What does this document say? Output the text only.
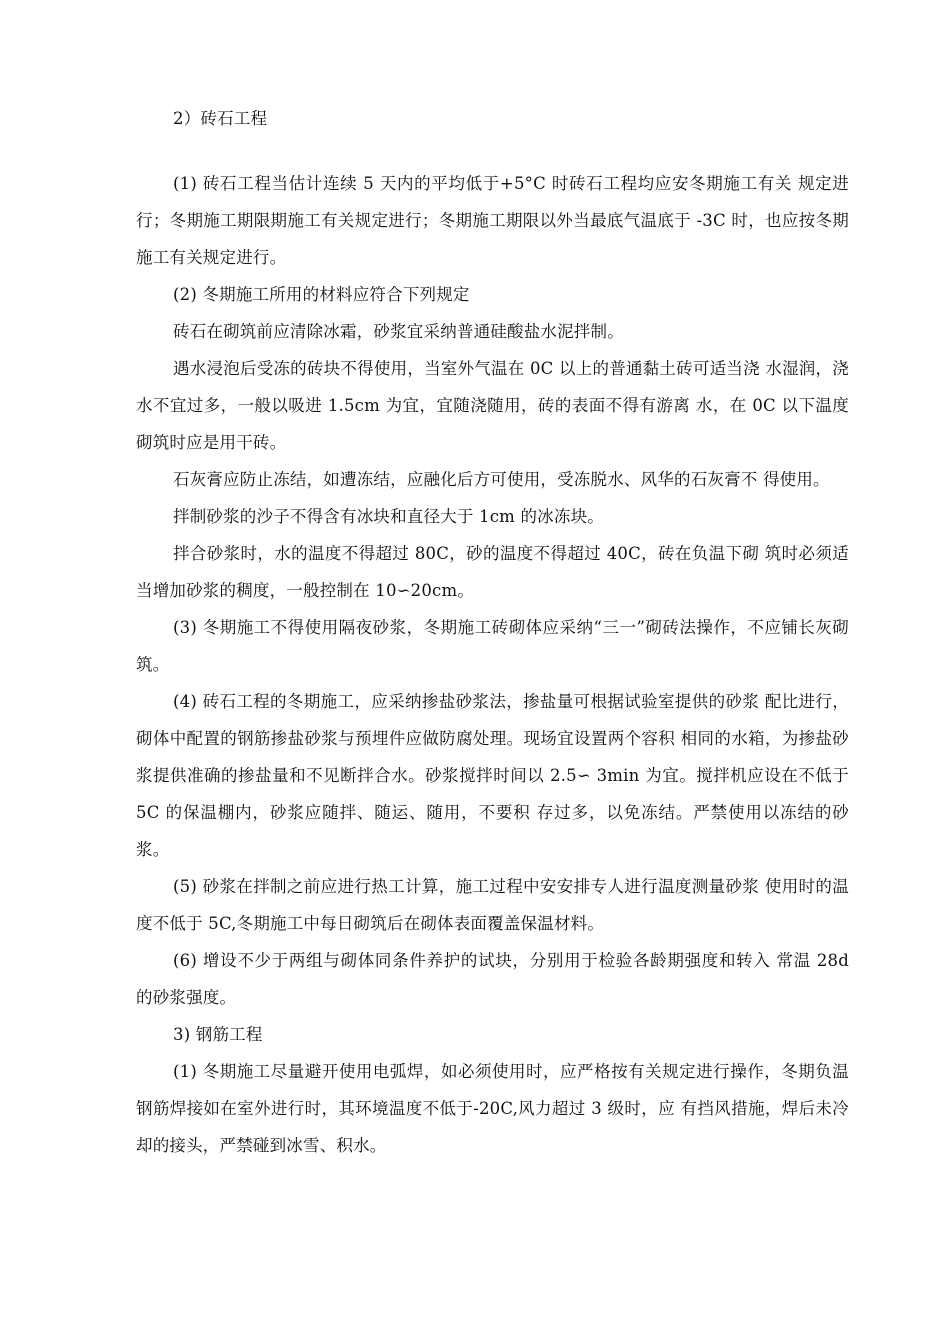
2）砖石工程

(1) 砖石工程当估计连续 5 天内的平均低于+5°C 时砖石工程均应安冬期施工有关 规定进行；冬期施工期限期施工有关规定进行；冬期施工期限以外当最底气温底于 -3C 时，也应按冬期施工有关规定进行。

(2) 冬期施工所用的材料应符合下列规定

砖石在砌筑前应清除冰霜，砂浆宜采纳普通硅酸盐水泥拌制。

遇水浸泡后受冻的砖块不得使用，当室外气温在 0C 以上的普通黏土砖可适当浇 水湿润，浇水不宜过多，一般以吸进 1.5cm 为宜，宜随浇随用，砖的表面不得有游离 水，在 0C 以下温度砌筑时应是用干砖。

石灰膏应防止冻结，如遭冻结，应融化后方可使用，受冻脱水、风华的石灰膏不 得使用。

拌制砂浆的沙子不得含有冰块和直径大于 1cm 的冰冻块。

拌合砂浆时，水的温度不得超过 80C，砂的温度不得超过 40C，砖在负温下砌 筑时必须适当增加砂浆的稠度，一般控制在 10∽20cm。

(3) 冬期施工不得使用隔夜砂浆，冬期施工砖砌体应采纳“三一”砌砖法操作，不应铺长灰砌筑。

(4) 砖石工程的冬期施工，应采纳掺盐砂浆法，掺盐量可根据试验室提供的砂浆 配比进行，砌体中配置的钢筋掺盐砂浆与预埋件应做防腐处理。现场宜设置两个容积 相同的水箱，为掺盐砂浆提供准确的掺盐量和不见断拌合水。砂浆搅拌时间以 2.5∽ 3min 为宜。搅拌机应设在不低于 5C 的保温棚内，砂浆应随拌、随运、随用，不要积 存过多，以免冻结。严禁使用以冻结的砂浆。

(5) 砂浆在拌制之前应进行热工计算，施工过程中安安排专人进行温度测量砂浆 使用时的温度不低于 5C,冬期施工中每日砌筑后在砌体表面覆盖保温材料。

(6) 增设不少于两组与砌体同条件养护的试块，分别用于检验各龄期强度和转入 常温 28d 的砂浆强度。

3) 钢筋工程

(1) 冬期施工尽量避开使用电弧焊，如必须使用时，应严格按有关规定进行操作，冬期负温钢筋焊接如在室外进行时，其环境温度不低于-20C,风力超过 3 级时，应 有挡风措施，焊后未冷却的接头，严禁碰到冰雪、积水。
